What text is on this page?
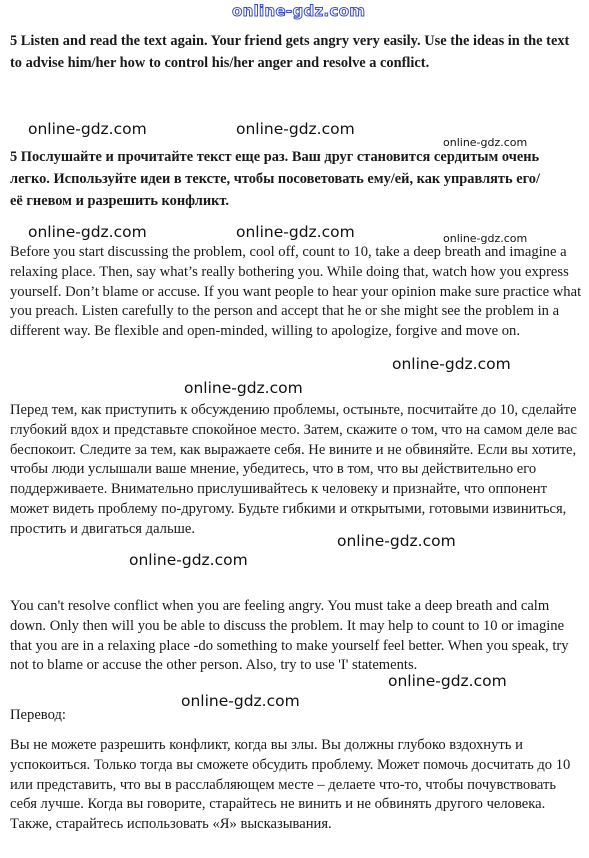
online-gdz.com

5 Listen and read the text again. Your friend gets angry very easily. Use the ideas in the text to advise him/her how to control his/her anger and resolve a conflict.

online-gdz.com	online-gdz.com
online-gdz.com

5 Послушайте и прочитайте текст еще раз. Ваш друг становится сердитым очень легко. Используйте идеи в тексте, чтобы посоветовать ему/ей, как управлять его/её гневом и разрешить конфликт.

online-gdz.com	online-gdz.com	online-gdz.com

Before you start discussing the problem, cool off, count to 10, take a deep breath and imagine a relaxing place. Then, say what’s really bothering you. While doing that, watch how you express yourself. Don’t blame or accuse. If you want people to hear your opinion make sure practice what you preach. Listen carefully to the person and accept that he or she might see the problem in a different way. Be flexible and open-minded, willing to apologize, forgive and move on.

online-gdz.com
online-gdz.com

Перед тем, как приступить к обсуждению проблемы, остыньте, посчитайте до 10, сделайте глубокий вдох и представьте спокойное место. Затем, скажите о том, что на самом деле вас беспокоит. Следите за тем, как выражаете себя. Не вините и не обвиняйте. Если вы хотите, чтобы люди услышали ваше мнение, убедитесь, что в том, что вы действительно его поддерживаете. Внимательно прислушивайтесь к человеку и признайте, что оппонент может видеть проблему по-другому. Будьте гибкими и открытыми, готовыми извиниться, простить и двигаться дальше.

online-gdz.com
online-gdz.com

You can't resolve conflict when you are feeling angry. You must take a deep breath and calm down. Only then will you be able to discuss the problem. It may help to count to 10 or imagine that you are in a relaxing place -do something to make yourself feel better. When you speak, try not to blame or accuse the other person. Also, try to use 'I' statements.

online-gdz.com
online-gdz.com

Перевод:

Вы не можете разрешить конфликт, когда вы злы. Вы должны глубоко вздохнуть и успокоиться. Только тогда вы сможете обсудить проблему. Может помочь досчитать до 10 или представить, что вы в расслабляющем месте – делаете что-то, чтобы почувствовать себя лучше. Когда вы говорите, старайтесь не винить и не обвинять другого человека. Также, старайтесь использовать «Я» высказывания.
